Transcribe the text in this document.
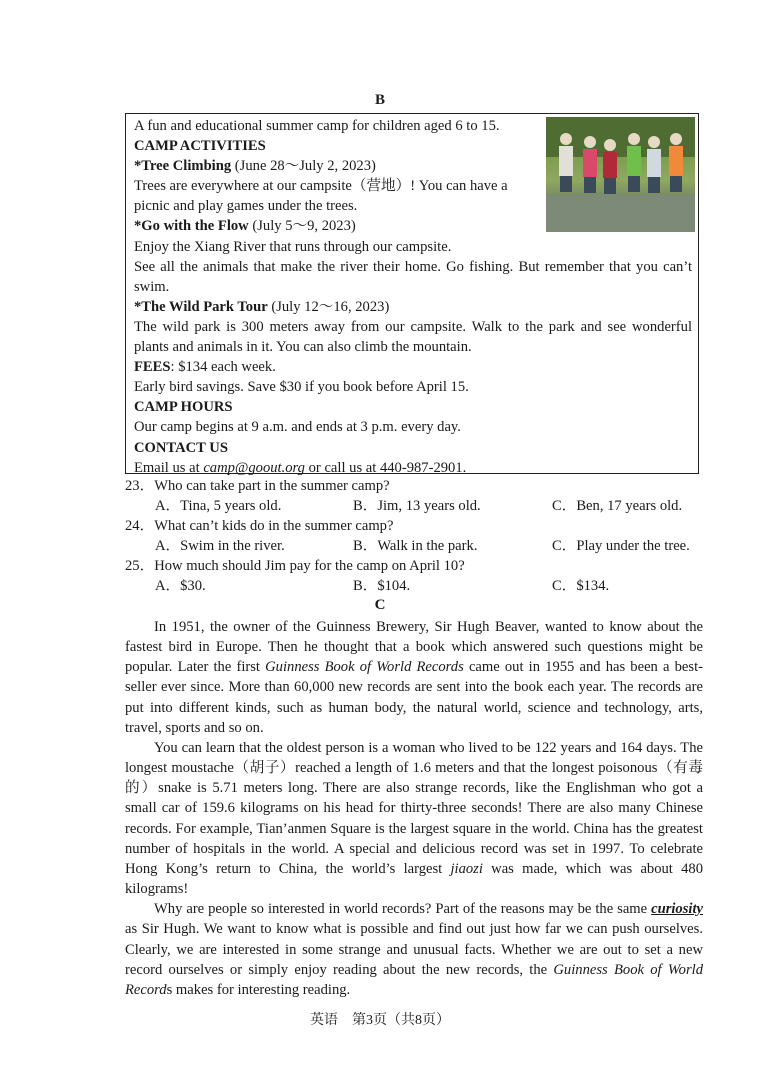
B
A fun and educational summer camp for children aged 6 to 15.
CAMP ACTIVITIES
*Tree Climbing (June 28～July 2, 2023)
Trees are everywhere at our campsite（营地）! You can have a
picnic and play games under the trees.
*Go with the Flow (July 5～9, 2023)
Enjoy the Xiang River that runs through our campsite.
See all the animals that make the river their home. Go fishing. But remember that you can’t swim.
*The Wild Park Tour (July 12～16, 2023)
The wild park is 300 meters away from our campsite. Walk to the park and see wonderful plants and animals in it. You can also climb the mountain.
FEES: $134 each week.
Early bird savings. Save $30 if you book before April 15.
CAMP HOURS
Our camp begins at 9 a.m. and ends at 3 p.m. every day.
CONTACT US
Email us at camp@goout.org or call us at 440-987-2901.
23．Who can take part in the summer camp?
A．Tina, 5 years old.	B．Jim, 13 years old.	C．Ben, 17 years old.
24．What can’t kids do in the summer camp?
A．Swim in the river.	B．Walk in the park.	C．Play under the tree.
25．How much should Jim pay for the camp on April 10?
A．$30.	B．$104.	C．$134.
C

In 1951, the owner of the Guinness Brewery, Sir Hugh Beaver, wanted to know about the fastest bird in Europe. Then he thought that a book which answered such questions might be popular. Later the first Guinness Book of World Records came out in 1955 and has been a best-seller ever since. More than 60,000 new records are sent into the book each year. The records are put into different kinds, such as human body, the natural world, science and technology, arts, travel, sports and so on.

You can learn that the oldest person is a woman who lived to be 122 years and 164 days. The longest moustache（胡子）reached a length of 1.6 meters and that the longest poisonous（有毒的）snake is 5.71 meters long. There are also strange records, like the Englishman who got a small car of 159.6 kilograms on his head for thirty-three seconds! There are also many Chinese records. For example, Tian’anmen Square is the largest square in the world. China has the greatest number of hospitals in the world. A special and delicious record was set in 1997. To celebrate Hong Kong’s return to China, the world’s largest jiaozi was made, which was about 480 kilograms!

Why are people so interested in world records? Part of the reasons may be the same curiosity as Sir Hugh. We want to know what is possible and find out just how far we can push ourselves. Clearly, we are interested in some strange and unusual facts. Whether we are out to set a new record ourselves or simply enjoy reading about the new records, the Guinness Book of World Records makes for interesting reading.

英语　第3页（共8页）
